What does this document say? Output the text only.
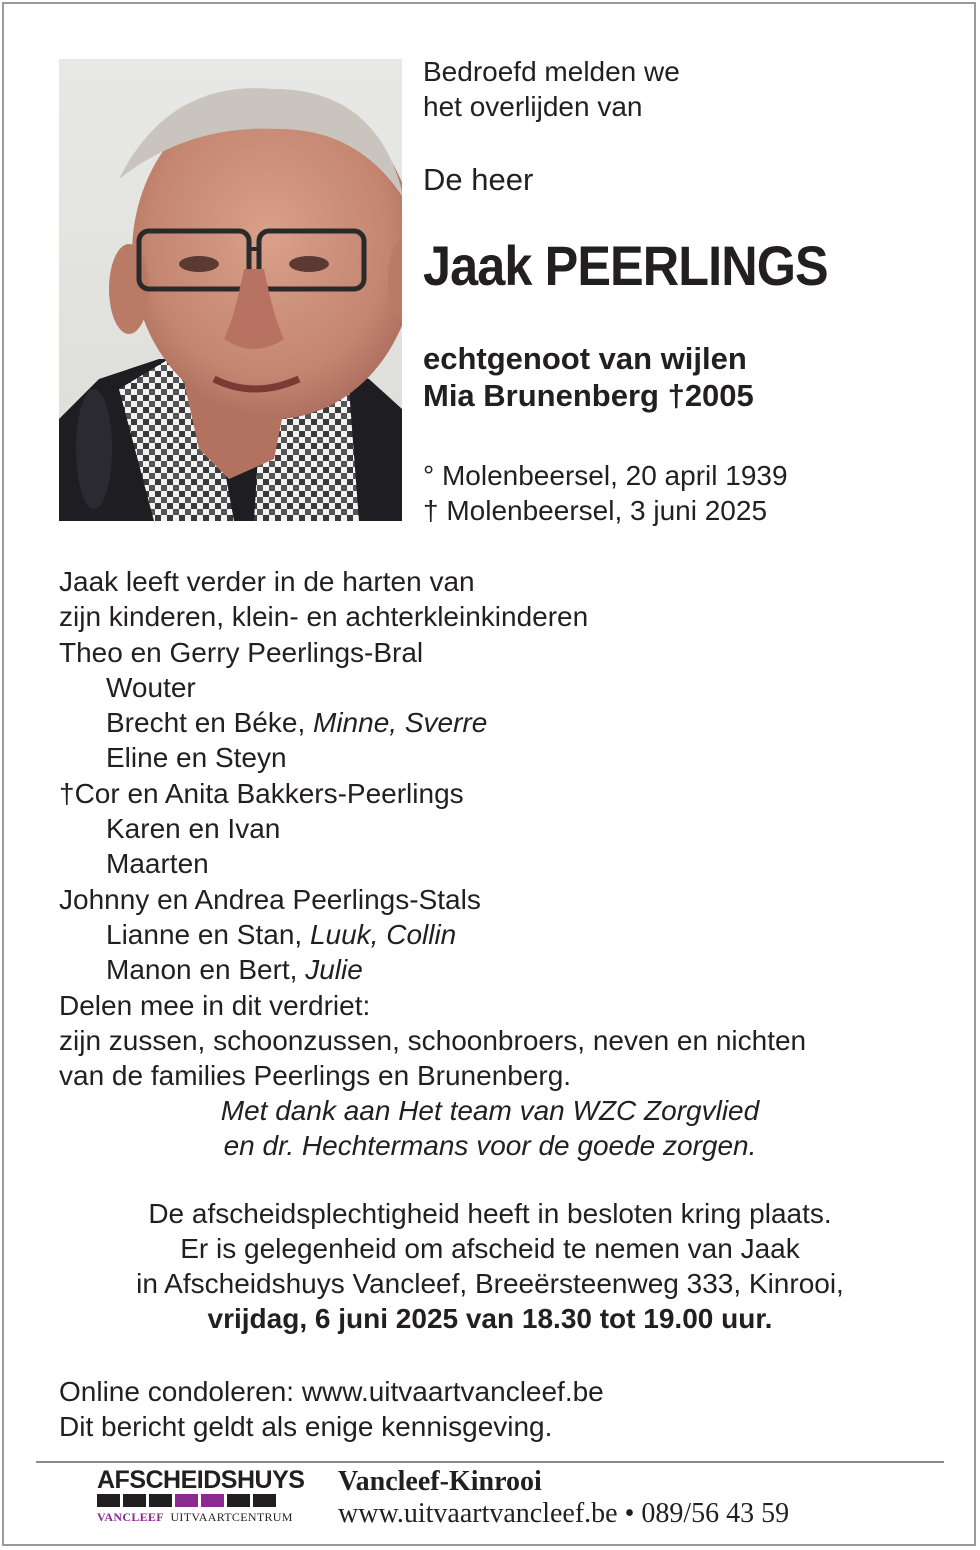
Bedroefd melden we
het overlijden van
De heer
Jaak PEERLINGS
echtgenoot van wijlen
Mia Brunenberg †2005
° Molenbeersel, 20 april 1939
† Molenbeersel, 3 juni 2025
Jaak leeft verder in de harten van
zijn kinderen, klein- en achterkleinkinderen
Theo en Gerry Peerlings-Bral
Wouter
Brecht en Béke, Minne, Sverre
Eline en Steyn
†Cor en Anita Bakkers-Peerlings
Karen en Ivan
Maarten
Johnny en Andrea Peerlings-Stals
Lianne en Stan, Luuk, Collin
Manon en Bert, Julie
Delen mee in dit verdriet:
zijn zussen, schoonzussen, schoonbroers, neven en nichten
van de families Peerlings en Brunenberg.
Met dank aan Het team van WZC Zorgvlied
en dr. Hechtermans voor de goede zorgen.
De afscheidsplechtigheid heeft in besloten kring plaats.
Er is gelegenheid om afscheid te nemen van Jaak
in Afscheidshuys Vancleef, Breeërsteenweg 333, Kinrooi,
vrijdag, 6 juni 2025 van 18.30 tot 19.00 uur.
Online condoleren: www.uitvaartvancleef.be
Dit bericht geldt als enige kennisgeving.
AFSCHEIDSHUYS
VANCLEEF UITVAARTCENTRUM
Vancleef-Kinrooi
www.uitvaartvancleef.be • 089/56 43 59
